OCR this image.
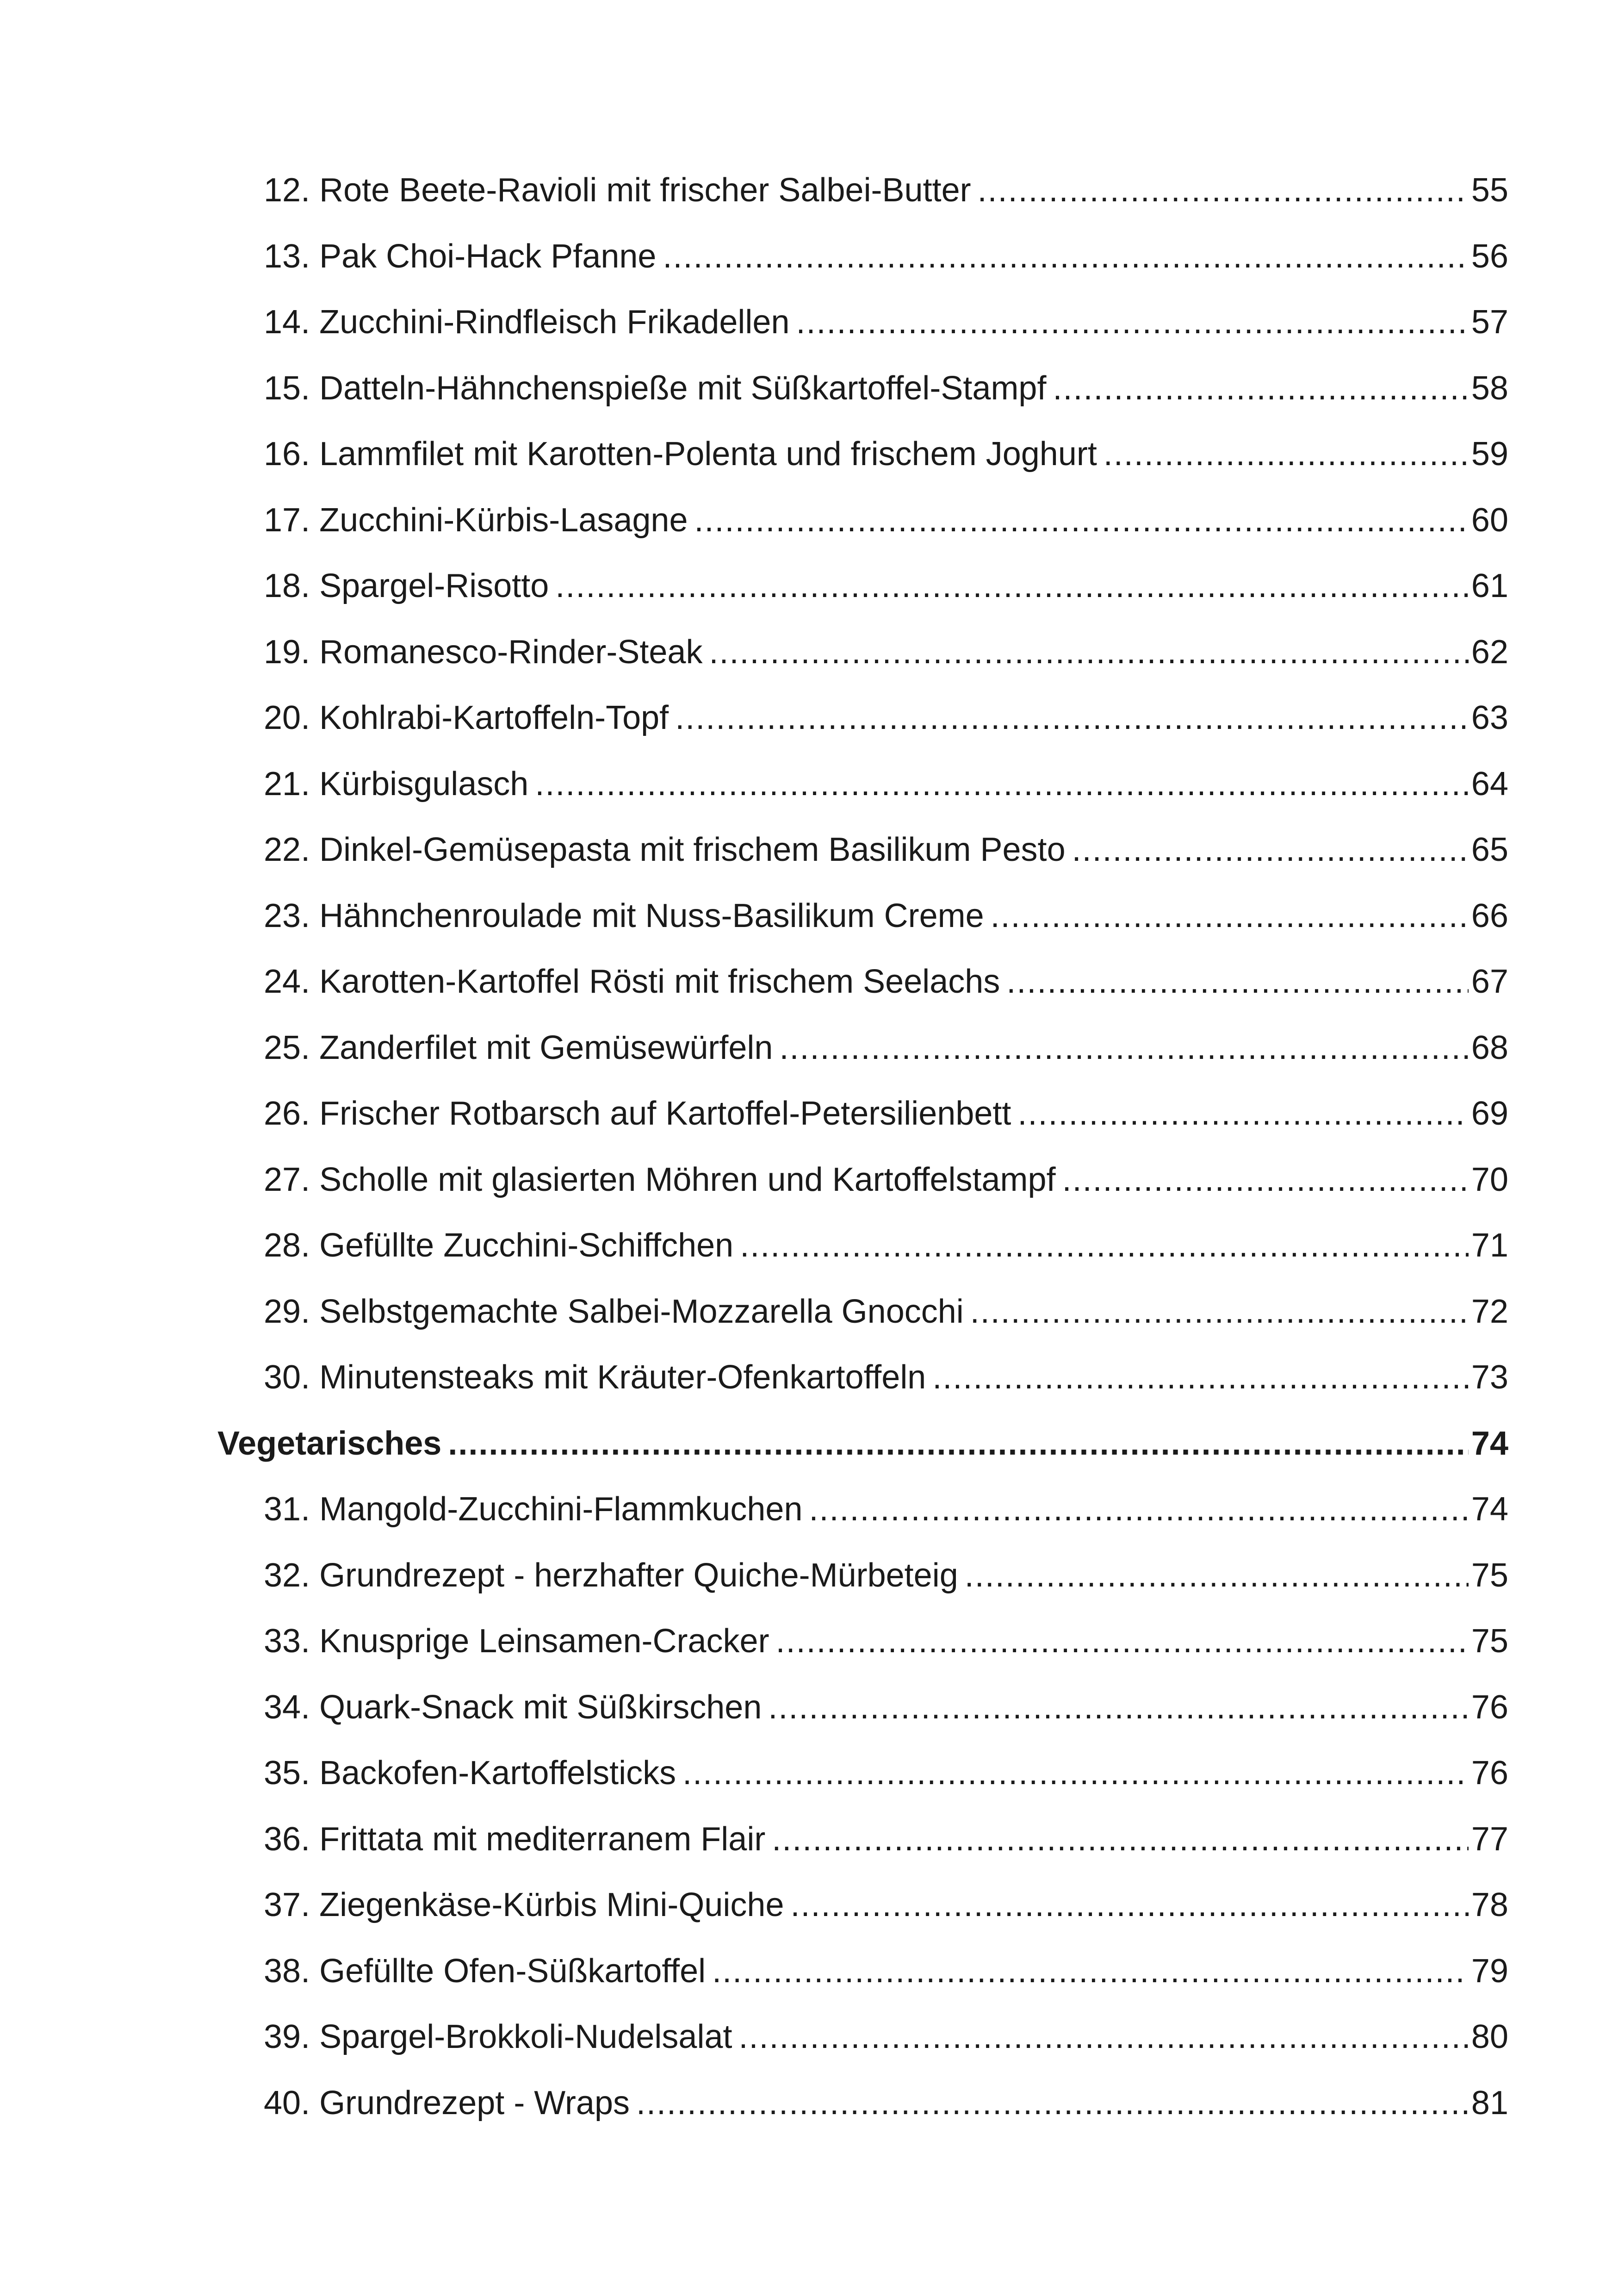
12. Rote Beete-Ravioli mit frischer Salbei-Butter .....	55
13. Pak Choi-Hack Pfanne .....	56
14. Zucchini-Rindfleisch Frikadellen .....	57
15. Datteln-Hähnchenspieße mit Süßkartoffel-Stampf .....	58
16. Lammfilet mit Karotten-Polenta und frischem Joghurt .....	59
17. Zucchini-Kürbis-Lasagne .....	60
18. Spargel-Risotto .....	61
19. Romanesco-Rinder-Steak .....	62
20. Kohlrabi-Kartoffeln-Topf .....	63
21. Kürbisgulasch .....	64
22. Dinkel-Gemüsepasta mit frischem Basilikum Pesto .....	65
23. Hähnchenroulade mit Nuss-Basilikum Creme .....	66
24. Karotten-Kartoffel Rösti mit frischem Seelachs .....	67
25. Zanderfilet mit Gemüsewürfeln .....	68
26. Frischer Rotbarsch auf Kartoffel-Petersilienbett .....	69
27. Scholle mit glasierten Möhren und Kartoffelstampf .....	70
28. Gefüllte Zucchini-Schiffchen .....	71
29. Selbstgemachte Salbei-Mozzarella Gnocchi .....	72
30. Minutensteaks mit Kräuter-Ofenkartoffeln .....	73
Vegetarisches .....	74
31. Mangold-Zucchini-Flammkuchen .....	74
32. Grundrezept - herzhafter Quiche-Mürbeteig .....	75
33. Knusprige Leinsamen-Cracker .....	75
34. Quark-Snack mit Süßkirschen .....	76
35. Backofen-Kartoffelsticks .....	76
36. Frittata mit mediterranem Flair .....	77
37. Ziegenkäse-Kürbis Mini-Quiche .....	78
38. Gefüllte Ofen-Süßkartoffel .....	79
39. Spargel-Brokkoli-Nudelsalat .....	80
40. Grundrezept - Wraps .....	81
